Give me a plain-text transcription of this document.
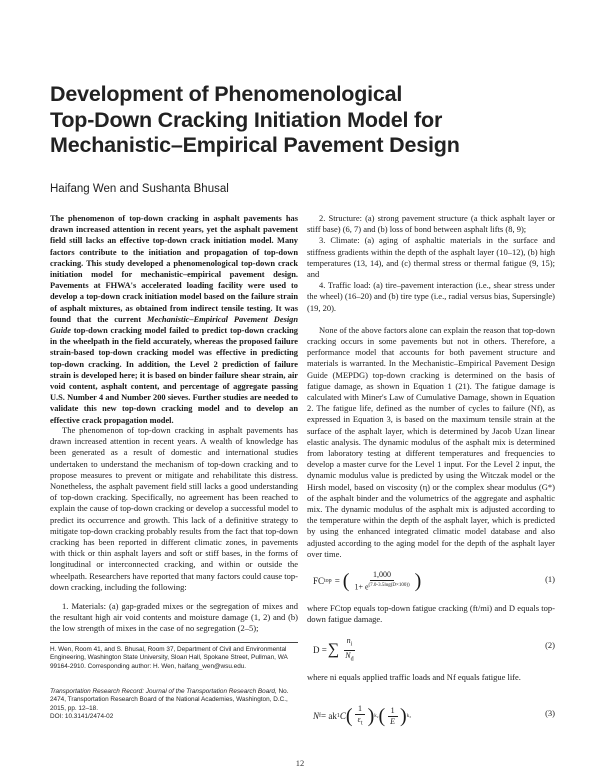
Development of Phenomenological
Top-Down Cracking Initiation Model for
Mechanistic–Empirical Pavement Design
Haifang Wen and Sushanta Bhusal
The phenomenon of top-down cracking in asphalt pavements has drawn increased attention in recent years, yet the asphalt pavement field still lacks an effective top-down crack initiation model. Many factors contribute to the initiation and propagation of top-down cracking. This study developed a phenomenological top-down crack initiation model for mechanistic–empirical pavement design. Pavements at FHWA's accelerated loading facility were used to develop a top-down crack initiation model based on the failure strain of asphalt mixtures, as obtained from indirect tensile testing. It was found that the current Mechanistic–Empirical Pavement Design Guide top-down cracking model failed to predict top-down cracking in the wheelpath in the field accurately, whereas the proposed failure strain-based top-down cracking model was effective in predicting top-down cracking. In addition, the Level 2 prediction of failure strain is developed here; it is based on binder failure shear strain, air void content, asphalt content, and percentage of aggregate passing U.S. Number 4 and Number 200 sieves. Further studies are needed to validate this new top-down cracking model and to develop an effective crack propagation model.

The phenomenon of top-down cracking in asphalt pavements has drawn increased attention in recent years. A wealth of knowledge has been generated as a result of domestic and international studies undertaken to understand the mechanism of top-down cracking and to propose measures to prevent or mitigate and rehabilitate this distress. Nonetheless, the asphalt pavement field still lacks a good understanding of top-down cracking. Specifically, no agreement has been reached to explain the cause of top-down cracking or develop a successful model to predict its occurrence and growth. This lack of a definitive strategy to mitigate top-down cracking probably results from the fact that top-down cracking has been reported in different climatic zones, in pavements with thick or thin asphalt layers and soft or stiff bases, in the forms of longitudinal or interconnected cracking, and within or outside the wheelpath. Researchers have reported that many factors could cause top-down cracking, including the following:

1. Materials: (a) gap-graded mixes or the segregation of mixes and the resultant high air void contents and moisture damage (1, 2) and (b) the low strength of mixes in the case of no segregation (2–5);

H. Wen, Room 41, and S. Bhusal, Room 37, Department of Civil and Environmental Engineering, Washington State University, Sloan Hall, Spokane Street, Pullman, WA 99164-2910. Corresponding author: H. Wen, haifang_wen@wsu.edu.
Transportation Research Record: Journal of the Transportation Research Board, No. 2474, Transportation Research Board of the National Academies, Washington, D.C., 2015, pp. 12–18.
DOI: 10.3141/2474-02

2. Structure: (a) strong pavement structure (a thick asphalt layer or stiff base) (6, 7) and (b) loss of bond between asphalt lifts (8, 9);

3. Climate: (a) aging of asphaltic materials in the surface and stiffness gradients within the depth of the asphalt layer (10–12), (b) high temperatures (13, 14), and (c) thermal stress or thermal fatigue (9, 15); and

4. Traffic load: (a) tire–pavement interaction (i.e., shear stress under the wheel) (16–20) and (b) tire type (i.e., radial versus bias, Supersingle) (19, 20).

None of the above factors alone can explain the reason that top-down cracking occurs in some pavements but not in others. Therefore, a performance model that accounts for both pavement structure and materials is warranted. In the Mechanistic–Empirical Pavement Design Guide (MEPDG) top-down cracking is determined on the basis of fatigue damage, as shown in Equation 1 (21). The fatigue damage is calculated with Miner's Law of Cumulative Damage, shown in Equation 2. The fatigue life, defined as the number of cycles to failure (Nf), as expressed in Equation 3, is based on the maximum tensile strain at the surface of the asphalt layer, which is determined by Jacob Uzan linear elastic analysis. The dynamic modulus of the asphalt mix is determined from laboratory testing at different temperatures and frequencies to develop a master curve for the Level 1 input. For the Level 2 input, the dynamic modulus value is predicted by using the Witczak model or the Hirsh model, based on viscosity (η) or the complex shear modulus (G*) of the asphalt binder and the volumetrics of the aggregate and asphaltic mix. The dynamic modulus of the asphalt mix is adjusted according to the temperature within the depth of the asphalt layer, which is predicted by using the enhanced integrated climatic model database and also adjusted according to the aging model for the depth of the asphalt layer over time.

FC top = ( $\frac{1,000}{1+ e^{(7.0-3.5log(D\times 100))}}$ )	(1)
where FCtop equals top-down fatigue cracking (ft/mi) and D equals top-down fatigue damage.
D = ∑ $\frac{n_i}{N_d}$	(2)
where ni equals applied traffic loads and Nf equals fatigue life.
N f = ak 1 C ( $\frac{1}{\varepsilon_t}$ ) k₂ ( $\frac{1}{E}$ ) k₃	(3)
12
